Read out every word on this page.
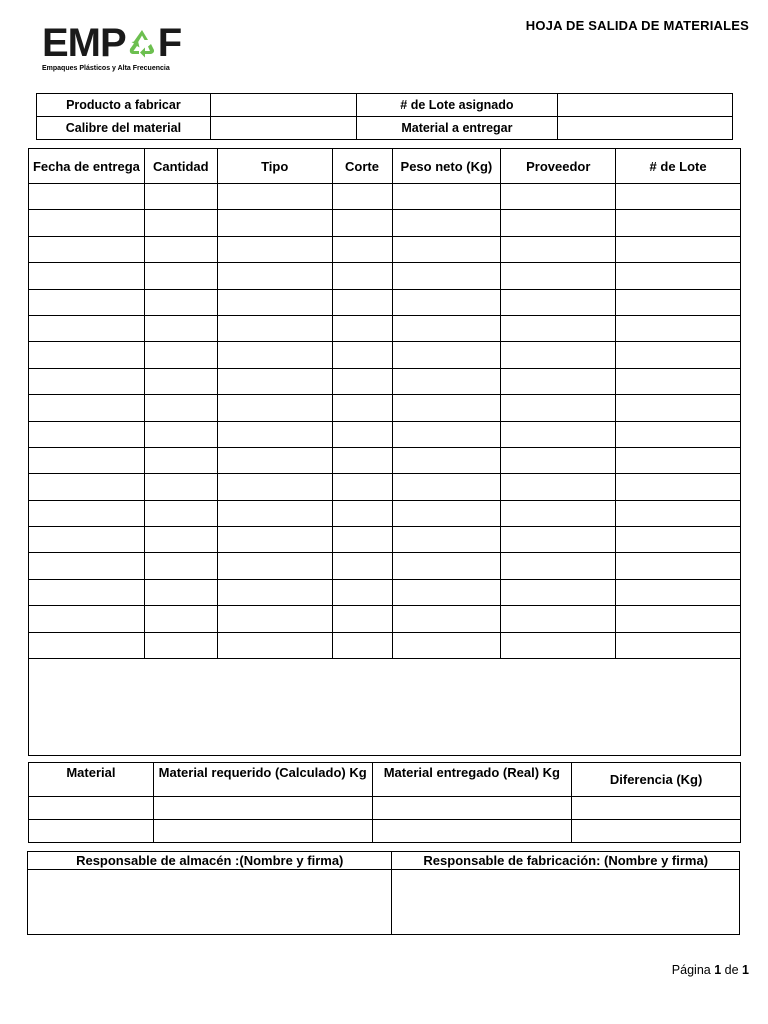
EMP F
Empaques Plásticos y Alta Frecuencia
HOJA DE SALIDA DE MATERIALES
Producto a fabricar		# de Lote asignado	
Calibre del material		Material a entregar	
Fecha de entrega	Cantidad	Tipo	Corte	Peso neto (Kg)	Proveedor	# de Lote

Material	Material requerido (Calculado) Kg	Material entregado (Real) Kg	Diferencia (Kg)

Responsable de almacén :(Nombre y firma)	Responsable de fabricación: (Nombre y firma)

Página 1 de 1
